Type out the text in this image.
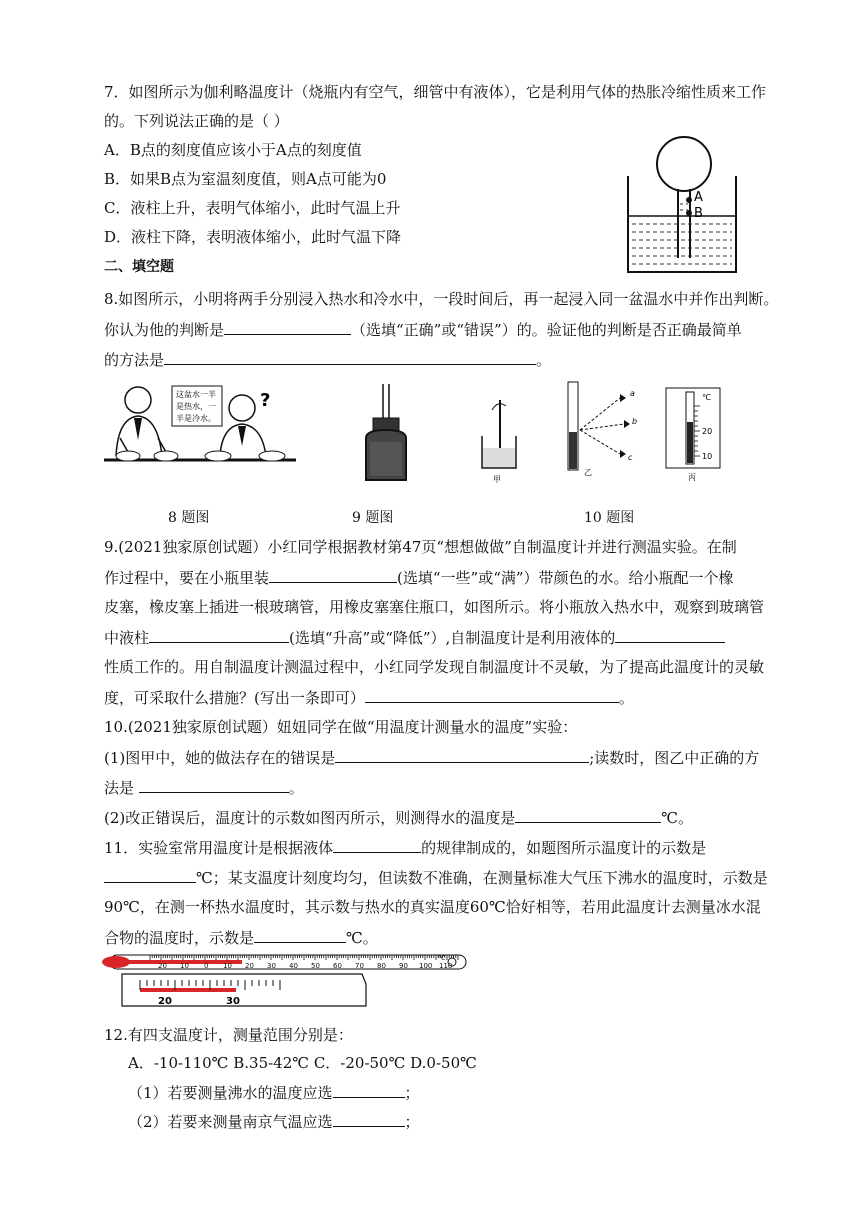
7．如图所示为伽利略温度计（烧瓶内有空气，细管中有液体），它是利用气体的热胀冷缩性质来工作
的。下列说法正确的是（ ）
A．B点的刻度值应该小于A点的刻度值
B．如果B点为室温刻度值，则A点可能为0
C．液柱上升，表明气体缩小，此时气温上升
D．液柱下降，表明液体缩小，此时气温下降
A
B
二、填空题
8.如图所示，小明将两手分别浸入热水和冷水中，一段时间后，再一起浸入同一盆温水中并作出判断。
你认为他的判断是	（选填“正确”或“错误”）的。验证他的判断是否正确最简单
的方法是	。
这盆水一半
是热水，一
半是冷水。
?
甲
a
b
c
乙
℃
20
10
丙
8 题图	9 题图	10 题图
9.(2021独家原创试题）小红同学根据教材第47页“想想做做”自制温度计并进行测温实验。在制
作过程中，要在小瓶里装	(选填“一些”或“满”）带颜色的水。给小瓶配一个橡
皮塞，橡皮塞上插进一根玻璃管，用橡皮塞塞住瓶口，如图所示。将小瓶放入热水中，观察到玻璃管
中液柱	(选填“升高”或“降低”）,自制温度计是利用液体的
性质工作的。用自制温度计测温过程中，小红同学发现自制温度计不灵敏，为了提高此温度计的灵敏
度，可采取什么措施？(写出一条即可）	。
10.(2021独家原创试题）妞妞同学在做“用温度计测量水的温度”实验：
(1)图甲中，她的做法存在的错误是	;读数时，图乙中正确的方
法是	。
(2)改正错误后，温度计的示数如图丙所示，则测得水的温度是	℃。
11．实验室常用温度计是根据液体	的规律制成的，如题图所示温度计的示数是
℃；某支温度计刻度均匀，但读数不准确，在测量标准大气压下沸水的温度时，示数是
90℃，在测一杯热水温度时，其示数与热水的真实温度60℃恰好相等，若用此温度计去测量冰水混
合物的温度时，示数是	℃。
20 10 0 10 20 30 40 50 60 70 80 90 100 110
°C
20	30
12.有四支温度计，测量范围分别是：
A．-10-110℃ B.35-42℃ C．-20-50℃ D.0-50℃
（1）若要测量沸水的温度应选	；
（2）若要来测量南京气温应选	；
